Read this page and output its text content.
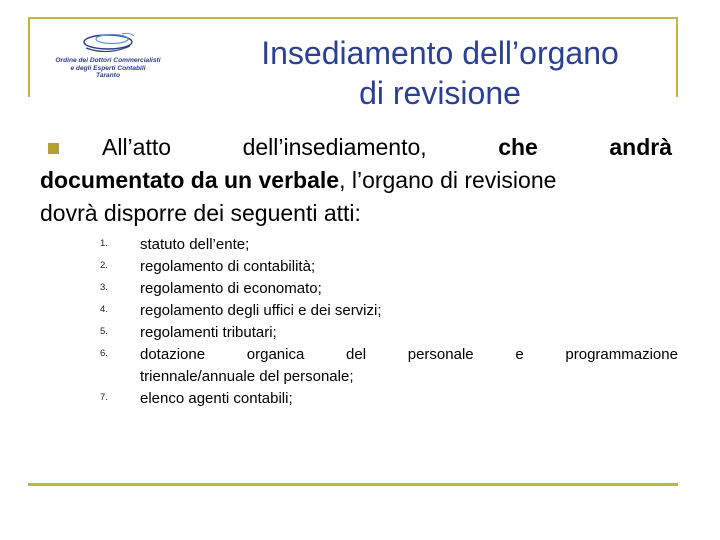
Ordine dei Dottori Commercialisti
e degli Esperti Contabili
Taranto
Insediamento dell’organo
di revisione
All’atto	dell’insediamento,	che	andrà
documentato da un verbale, l’organo di revisione
dovrà disporre dei seguenti atti:
1. statuto dell’ente;
2. regolamento di contabilità;
3. regolamento di economato;
4. regolamento degli uffici e dei servizi;
5. regolamenti tributari;
6. dotazione	organica	del	personale	e	programmazione
triennale/annuale del personale;
7. elenco agenti contabili;
